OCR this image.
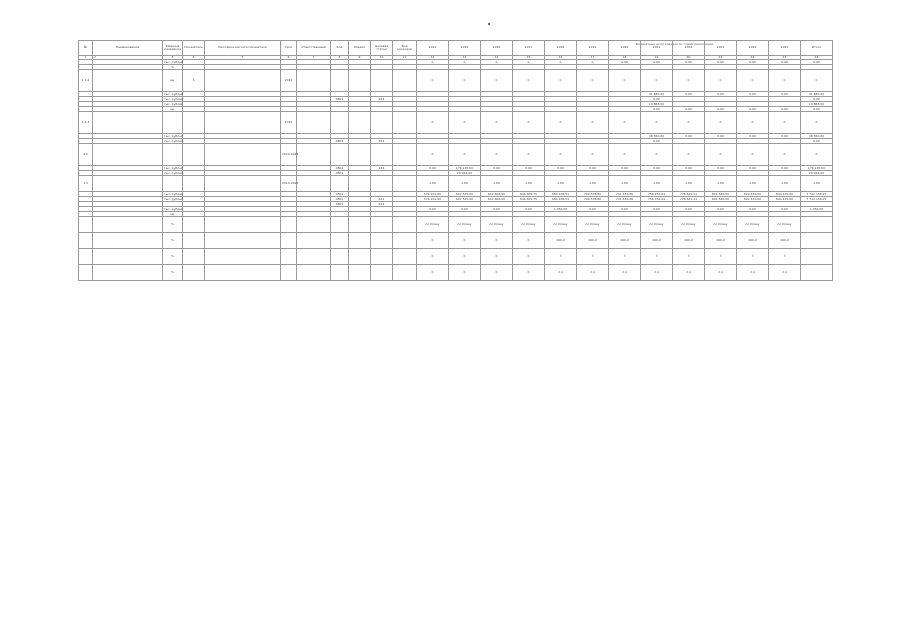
Бюджетные ассигнования по годам реализации
№	Наименование	Единица измерения	Показатель	Методика расчета показателя	Срок	Ответственный	Код	Раздел	Целевая статья	Вид расходов	2014	2015	2016	2017	2018	2019	2020	2021	2022	2023	2024	2025	Итого
1	2	3	4	5	6	7	8	9	10	11	12	13	14	15	16	17	18	19	20	21	22	23	24
		тыс. рублей									0	0	0	0	0	0	0,00	0,00	0,00	0,00	0,00	0,00	0,00
		%																					
1.1.2		ед.	3		2014						0	0	0	0	0	0	0	0	0	0	0	0	0
		тыс. рублей																31 880,00	0,00	0,00	0,00	0,00	31 880,00
		тыс. рублей					0801		244									0,00					0,00
		тыс. рублей																14 865,00					14 865,00
		ед.																0,00	0,00	0,00	0,00	0,00	0,00
1.1.3					2015						0	0	0	0	0	0	0	0	0	0	0	0	0
		тыс. рублей																36 350,00	0,00	0,00	0,00	0,00	36 350,00
		тыс. рублей					0801		244									0,00					0,00
1.2					2014-2025						0	0	0	0	0	0	0	0	0	0	0	0	0
		тыс. рублей					0801		244		0,00	176 125,00	0,00	0,00	0,00	0,00	0,00	0,00	0,00	0,00	0,00	0,00	176 125,00
		тыс. рублей					0801					24 964,00											24 964,00
1.3					2014-2025						1,00	1,00	1,00	1,00	1,00	1,00	1,00	1,00	1,00	1,00	1,00	1,00	1,00
		тыс. рублей					0801				576 101,00	607 525,00	612 604,00	646 605,75	684 100,51	709 378,80	731 432,06	756 152,04	778 621,11	801 540,00	822 431,00	844 115,00	7 712 156,27
		тыс. рублей					0801		611		576 101,00	607 525,00	612 604,00	646 605,75	684 100,51	709 378,80	731 432,06	756 152,04	778 621,11	801 540,00	822 431,00	844 115,00	7 712 156,27
							0801		612														
		тыс. рублей									0,00	0,00	0,00	0,00	1 282,00	0,00	0,00	0,00	0,00	0,00	0,00	0,00	1 282,00
		ед.																					
		%									по плану	по плану	по плану	по плану	по плану	по плану	по плану	по плану	по плану	по плану	по плану	по плану	
		%									0	0	0	0	100,0	100,0	100,0	100,0	100,0	100,0	100,0	100,0	
		%									0	0	0	0	7	7	7	7	7	7	7	7	
		%									0	0	0	0	2,4	2,4	2,4	2,4	2,4	2,4	2,4	2,4	
